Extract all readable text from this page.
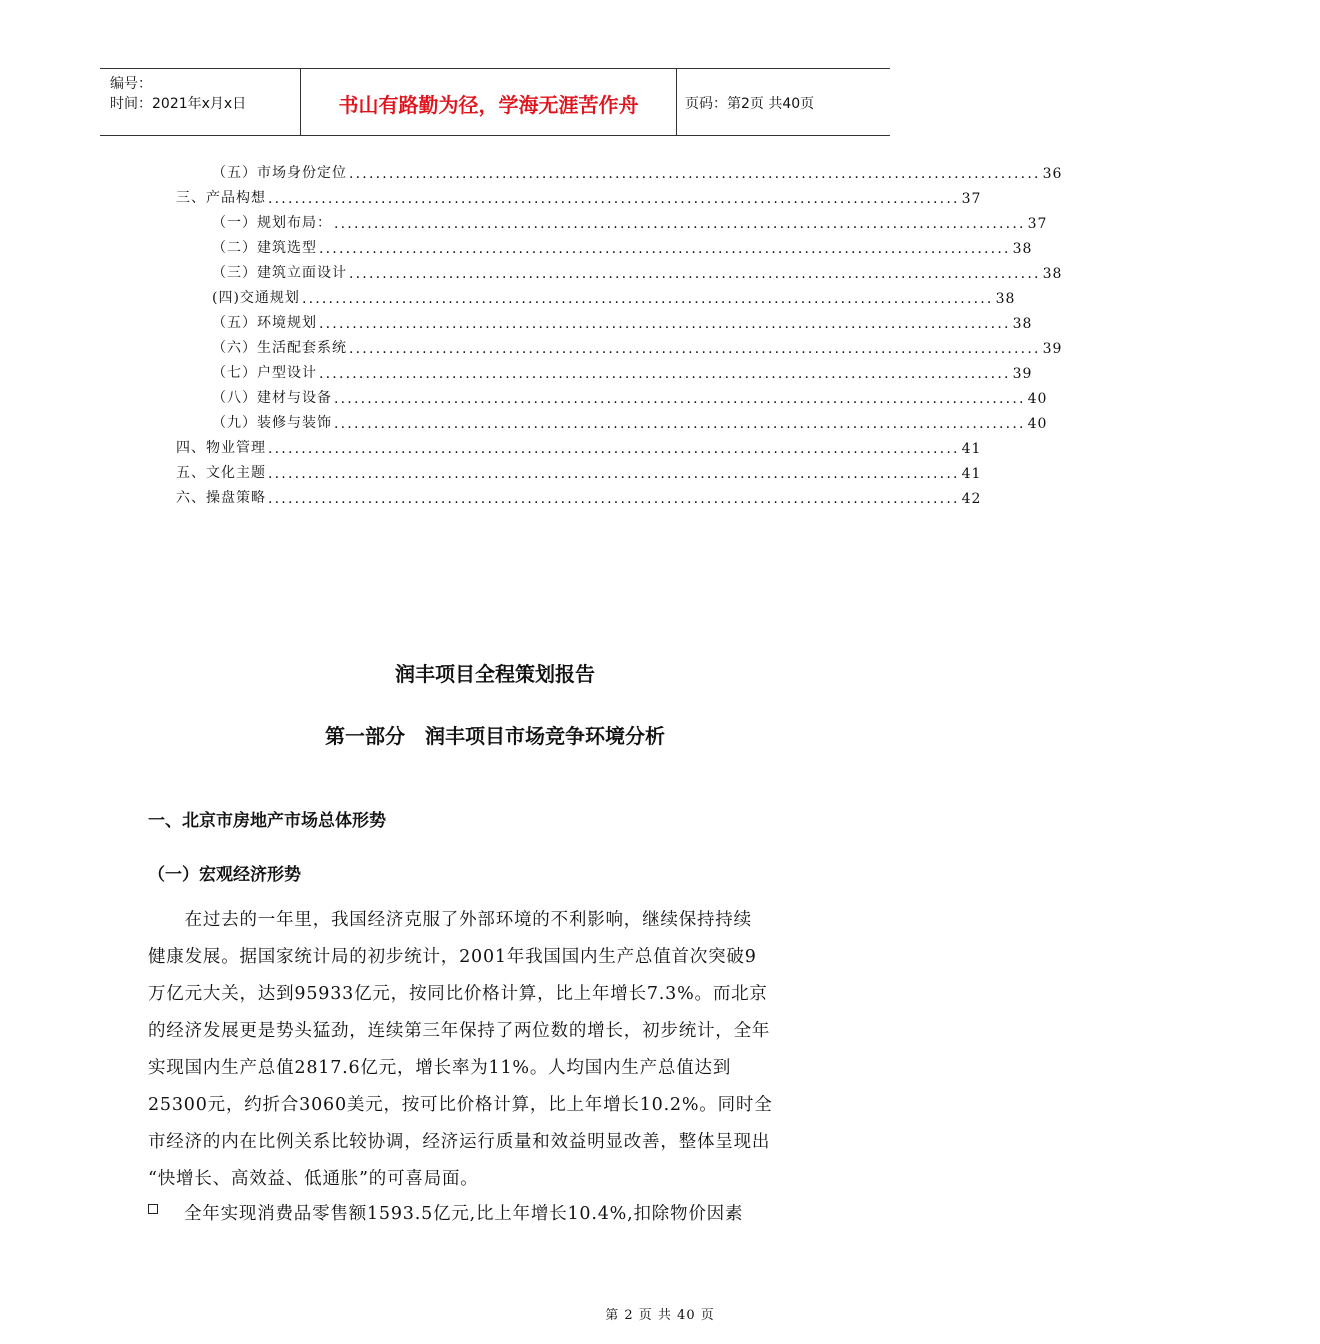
编号：
时间：2021年x月x日	书山有路勤为径，学海无涯苦作舟	页码：第2页 共40页
（五）市场身份定位 ........................................................................................................ 36
三、产品构想 ........................................................................................................ 37
（一）规划布局： ........................................................................................................ 37
（二）建筑选型 ........................................................................................................ 38
（三）建筑立面设计 ........................................................................................................ 38
(四)交通规划 ........................................................................................................ 38
（五）环境规划 ........................................................................................................ 38
（六）生活配套系统 ........................................................................................................ 39
（七）户型设计 ........................................................................................................ 39
（八）建材与设备 ........................................................................................................ 40
（九）装修与装饰 ........................................................................................................ 40
四、物业管理 ........................................................................................................ 41
五、文化主题 ........................................................................................................ 41
六、操盘策略 ........................................................................................................ 42
润丰项目全程策划报告
第一部分　润丰项目市场竞争环境分析
一、北京市房地产市场总体形势
（一）宏观经济形势
　　在过去的一年里，我国经济克服了外部环境的不利影响，继续保持持续
健康发展。据国家统计局的初步统计，2001年我国国内生产总值首次突破9
万亿元大关，达到95933亿元，按同比价格计算，比上年增长7.3%。而北京
的经济发展更是势头猛劲，连续第三年保持了两位数的增长，初步统计，全年
实现国内生产总值2817.6亿元，增长率为11%。人均国内生产总值达到
25300元，约折合3060美元，按可比价格计算，比上年增长10.2%。同时全
市经济的内在比例关系比较协调，经济运行质量和效益明显改善，整体呈现出
“快增长、高效益、低通胀”的可喜局面。
全年实现消费品零售额1593.5亿元,比上年增长10.4%,扣除物价因素
第 2 页 共 40 页
